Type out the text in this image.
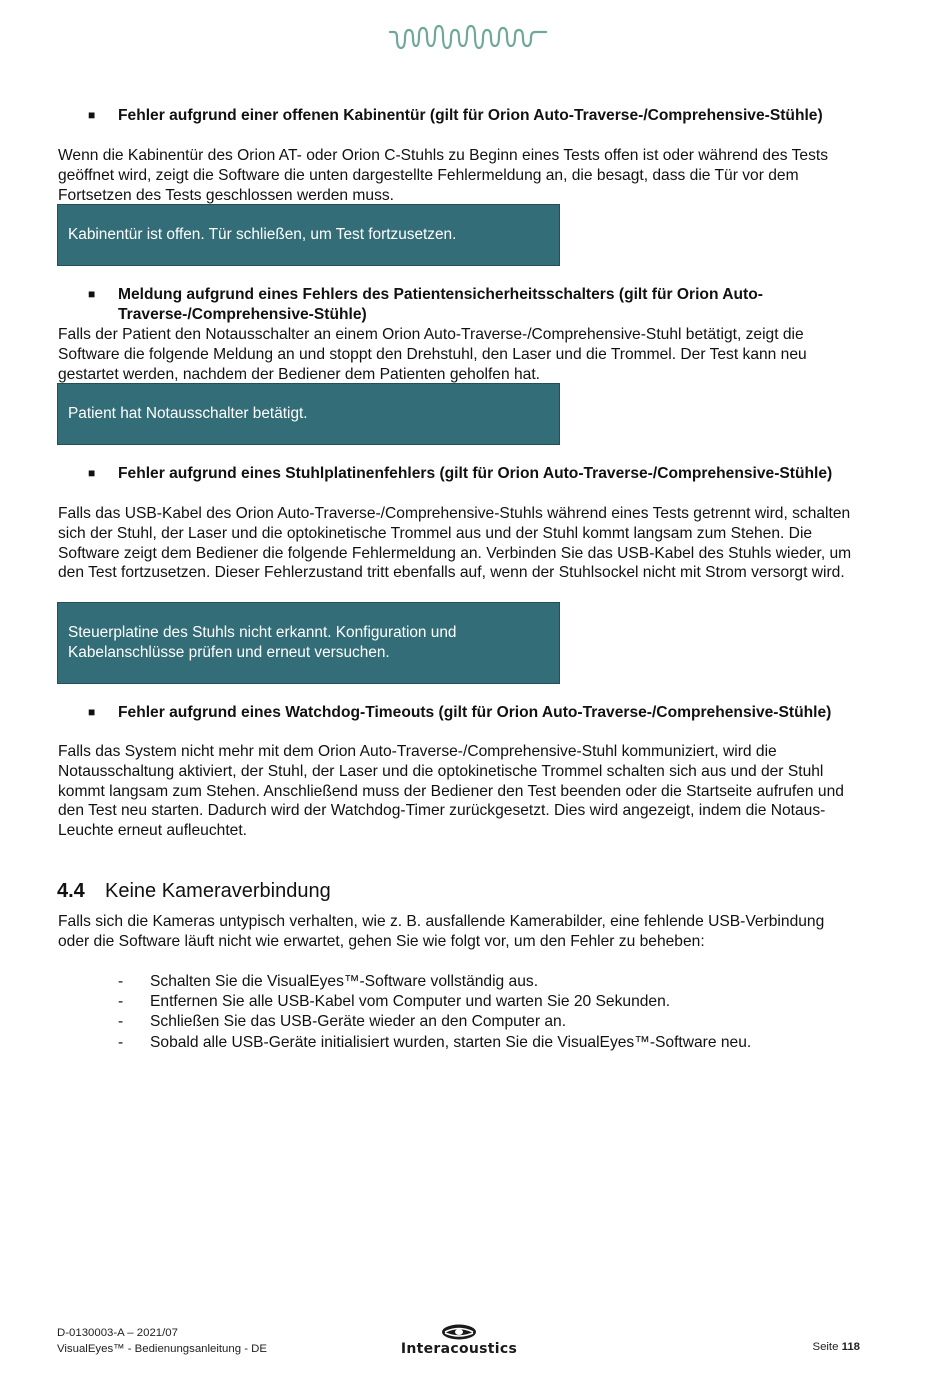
■ Fehler aufgrund einer offenen Kabinentür (gilt für Orion Auto-Traverse-/Comprehensive-Stühle)
Wenn die Kabinentür des Orion AT- oder Orion C-Stuhls zu Beginn eines Tests offen ist oder während des Tests geöffnet wird, zeigt die Software die unten dargestellte Fehlermeldung an, die besagt, dass die Tür vor dem Fortsetzen des Tests geschlossen werden muss.
Kabinentür ist offen. Tür schließen, um Test fortzusetzen.
■ Meldung aufgrund eines Fehlers des Patientensicherheitsschalters (gilt für Orion Auto-Traverse-/Comprehensive-Stühle)
Falls der Patient den Notausschalter an einem Orion Auto-Traverse-/Comprehensive-Stuhl betätigt, zeigt die Software die folgende Meldung an und stoppt den Drehstuhl, den Laser und die Trommel. Der Test kann neu gestartet werden, nachdem der Bediener dem Patienten geholfen hat.
Patient hat Notausschalter betätigt.
■ Fehler aufgrund eines Stuhlplatinenfehlers (gilt für Orion Auto-Traverse-/Comprehensive-Stühle)
Falls das USB-Kabel des Orion Auto-Traverse-/Comprehensive-Stuhls während eines Tests getrennt wird, schalten sich der Stuhl, der Laser und die optokinetische Trommel aus und der Stuhl kommt langsam zum Stehen. Die Software zeigt dem Bediener die folgende Fehlermeldung an. Verbinden Sie das USB-Kabel des Stuhls wieder, um den Test fortzusetzen. Dieser Fehlerzustand tritt ebenfalls auf, wenn der Stuhlsockel nicht mit Strom versorgt wird.
Steuerplatine des Stuhls nicht erkannt. Konfiguration und
Kabelanschlüsse prüfen und erneut versuchen.
■ Fehler aufgrund eines Watchdog-Timeouts (gilt für Orion Auto-Traverse-/Comprehensive-Stühle)
Falls das System nicht mehr mit dem Orion Auto-Traverse-/Comprehensive-Stuhl kommuniziert, wird die Notausschaltung aktiviert, der Stuhl, der Laser und die optokinetische Trommel schalten sich aus und der Stuhl kommt langsam zum Stehen. Anschließend muss der Bediener den Test beenden oder die Startseite aufrufen und den Test neu starten. Dadurch wird der Watchdog-Timer zurückgesetzt. Dies wird angezeigt, indem die Notaus-Leuchte erneut aufleuchtet.
4.4 Keine Kameraverbindung
Falls sich die Kameras untypisch verhalten, wie z. B. ausfallende Kamerabilder, eine fehlende USB-Verbindung oder die Software läuft nicht wie erwartet, gehen Sie wie folgt vor, um den Fehler zu beheben:
- Schalten Sie die VisualEyes™-Software vollständig aus.
- Entfernen Sie alle USB-Kabel vom Computer und warten Sie 20 Sekunden.
- Schließen Sie das USB-Geräte wieder an den Computer an.
- Sobald alle USB-Geräte initialisiert wurden, starten Sie die VisualEyes™-Software neu.
D-0130003-A – 2021/07
VisualEyes™ - Bedienungsanleitung - DE	Interacoustics	Seite 118
